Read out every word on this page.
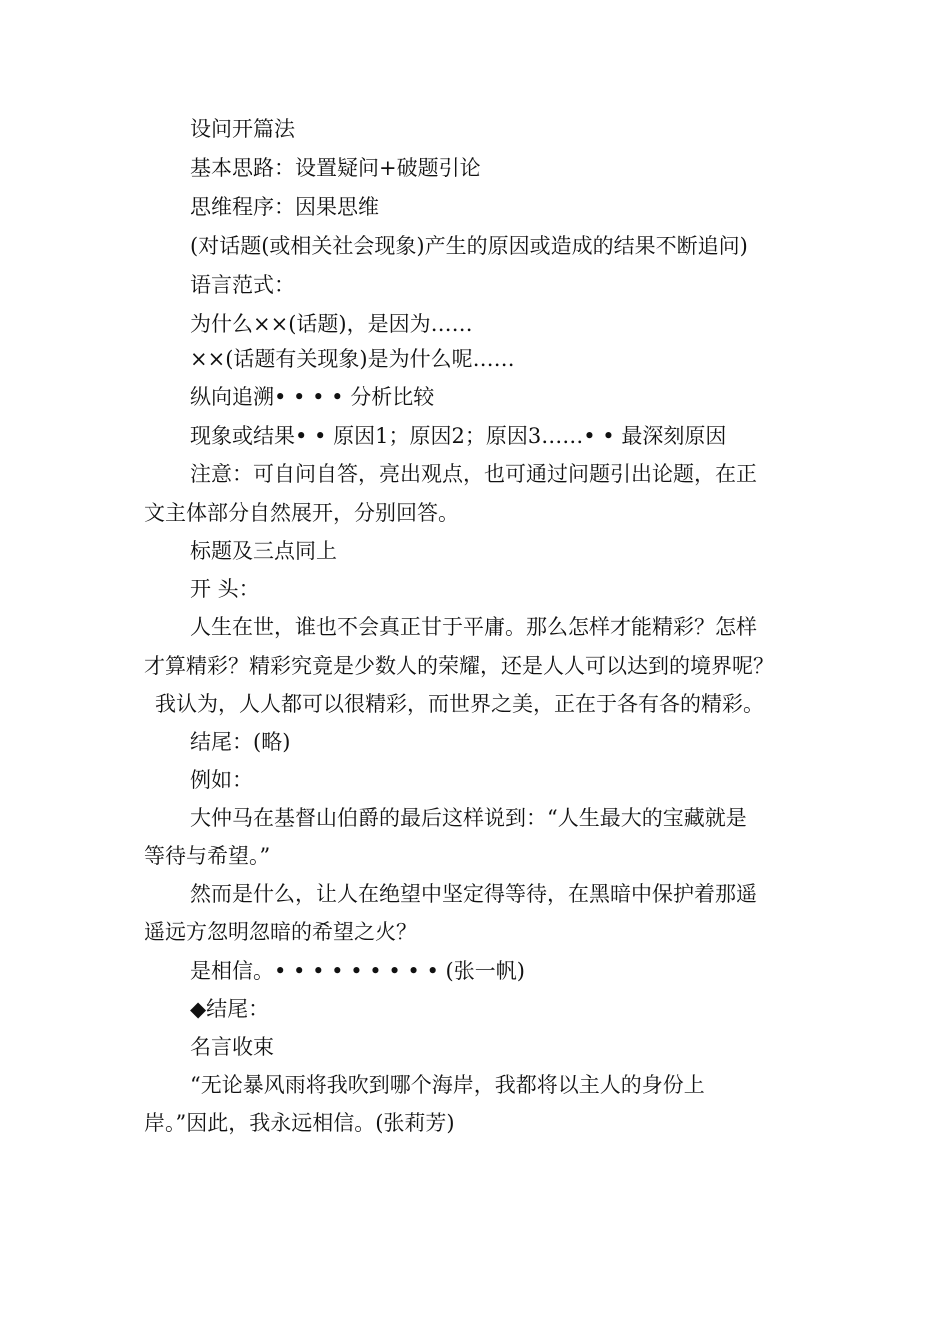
设问开篇法
基本思路：设置疑问+破题引论
思维程序：因果思维
(对话题(或相关社会现象)产生的原因或造成的结果不断追问)
语言范式：
为什么××(话题)，是因为……
××(话题有关现象)是为什么呢……
纵向追溯• • • • 分析比较
现象或结果• • 原因1；原因2；原因3……• • 最深刻原因
注意：可自问自答，亮出观点，也可通过问题引出论题，在正
文主体部分自然展开，分别回答。
标题及三点同上
开 头：
人生在世，谁也不会真正甘于平庸。那么怎样才能精彩？怎样
才算精彩？精彩究竟是少数人的荣耀，还是人人可以达到的境界呢？
我认为，人人都可以很精彩，而世界之美，正在于各有各的精彩。
结尾：(略)
例如：
大仲马在基督山伯爵的最后这样说到：“人生最大的宝藏就是
等待与希望。”
然而是什么，让人在绝望中坚定得等待，在黑暗中保护着那遥
遥远方忽明忽暗的希望之火？
是相信。• • • • • • • • • (张一帆)
◆结尾：
名言收束
“无论暴风雨将我吹到哪个海岸，我都将以主人的身份上
岸。”因此，我永远相信。(张莉芳)
